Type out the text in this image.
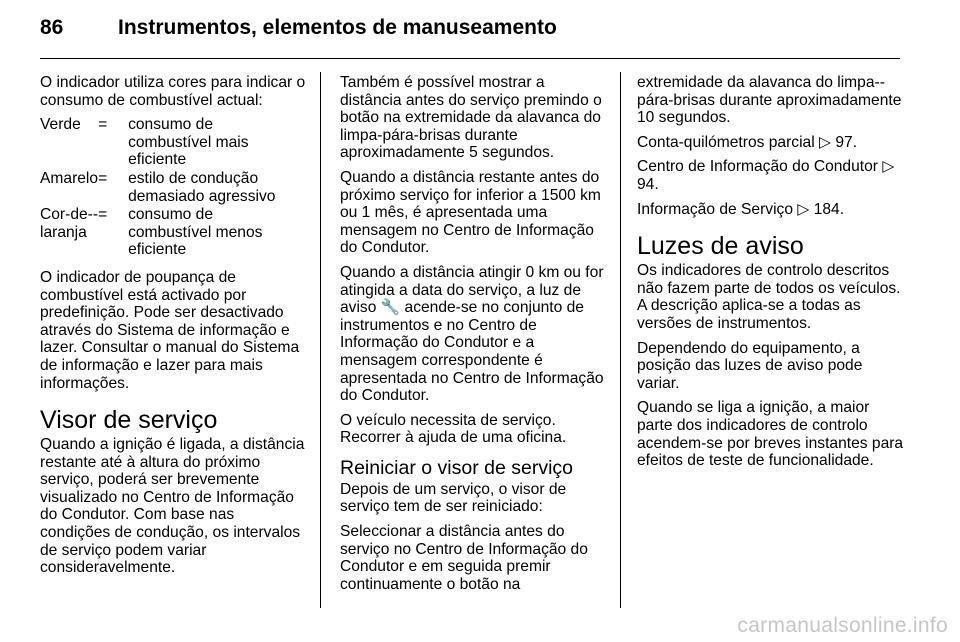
86	Instrumentos, elementos de manuseamento

O indicador utiliza cores para indicar o consumo de combustível actual:

Verde	=	consumo de combustível mais eficiente
Amarelo	=	estilo de condução demasiado agressivo
Cor-de--laranja	=	consumo de combustível menos eficiente

O indicador de poupança de combustível está activado por predefinição. Pode ser desactivado através do Sistema de informação e lazer. Consultar o manual do Sistema de informação e lazer para mais informações.

Visor de serviço

Quando a ignição é ligada, a distância restante até à altura do próximo serviço, poderá ser brevemente visualizado no Centro de Informação do Condutor. Com base nas condições de condução, os intervalos de serviço podem variar consideravelmente.

Também é possível mostrar a distância antes do serviço premindo o botão na extremidade da alavanca do limpa-pára-brisas durante aproximadamente 5 segundos.

Quando a distância restante antes do próximo serviço for inferior a 1500 km ou 1 mês, é apresentada uma mensagem no Centro de Informação do Condutor.

Quando a distância atingir 0 km ou for atingida a data do serviço, a luz de aviso 🔧 acende-se no conjunto de instrumentos e no Centro de Informação do Condutor e a mensagem correspondente é apresentada no Centro de Informação do Condutor.

O veículo necessita de serviço. Recorrer à ajuda de uma oficina.

Reiniciar o visor de serviço

Depois de um serviço, o visor de serviço tem de ser reiniciado:

Seleccionar a distância antes do serviço no Centro de Informação do Condutor e em seguida premir continuamente o botão na

extremidade da alavanca do limpa--pára-brisas durante aproximadamente 10 segundos.

Conta-quilómetros parcial ▷ 97.

Centro de Informação do Condutor ▷ 94.

Informação de Serviço ▷ 184.

Luzes de aviso

Os indicadores de controlo descritos não fazem parte de todos os veículos. A descrição aplica-se a todas as versões de instrumentos.

Dependendo do equipamento, a posição das luzes de aviso pode variar.

Quando se liga a ignição, a maior parte dos indicadores de controlo acendem-se por breves instantes para efeitos de teste de funcionalidade.

carmanualsonline.info
